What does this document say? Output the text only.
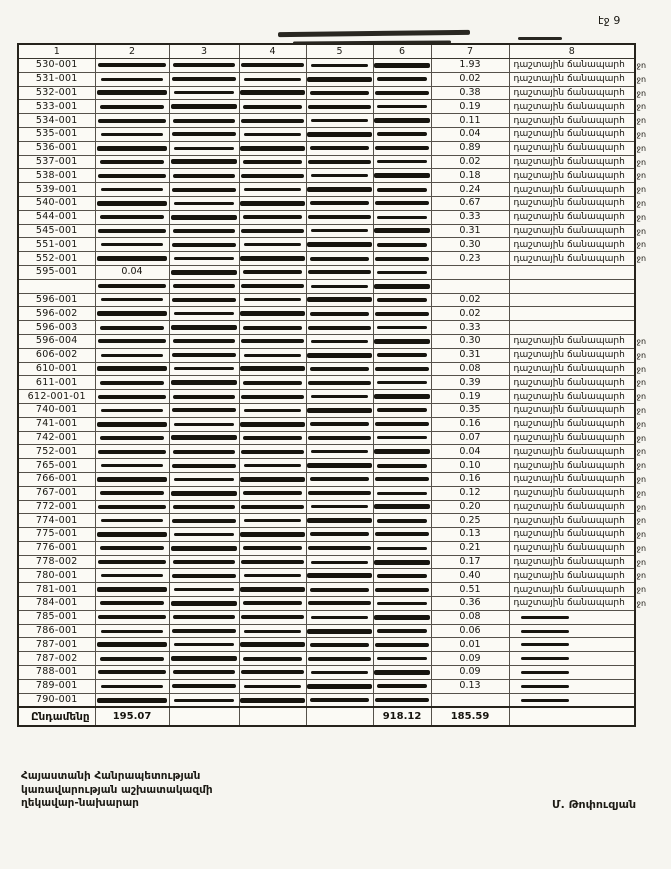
էջ 9
1	2	3	4	5	6	7	8
530-001						1.93	դաշտային ճանապարհ ջո

531-001						0.02	դաշտային ճանապարհ ջո

532-001						0.38	դաշտային ճանապարհ ջո

533-001						0.19	դաշտային ճանապարհ ջո

534-001						0.11	դաշտային ճանապարհ ջո

535-001						0.04	դաշտային ճանապարհ ջո

536-001						0.89	դաշտային ճանապարհ ջո

537-001						0.02	դաշտային ճանապարհ ջո

538-001						0.18	դաշտային ճանապարհ ջո

539-001						0.24	դաշտային ճանապարհ ջո

540-001						0.67	դաշտային ճանապարհ ջո

544-001						0.33	դաշտային ճանապարհ ջո

545-001						0.31	դաշտային ճանապարհ ջո

551-001						0.30	դաշտային ճանապարհ ջո

552-001						0.23	դաշտային ճանապարհ ջո

595-001	0.04	

596-001						0.02	
596-002						0.02	
596-003						0.33	
596-004						0.30	դաշտային ճանապարհ ջո

606-002						0.31	դաշտային ճանապարհ ջո

610-001						0.08	դաշտային ճանապարհ ջո

611-001						0.39	դաշտային ճանապարհ ջո

612-001-01						0.19	դաշտային ճանապարհ ջո

740-001						0.35	դաշտային ճանապարհ ջո

741-001						0.16	դաշտային ճանապարհ ջո

742-001						0.07	դաշտային ճանապարհ ջո

752-001						0.04	դաշտային ճանապարհ ջո

765-001						0.10	դաշտային ճանապարհ ջո

766-001						0.16	դաշտային ճանապարհ ջո

767-001						0.12	դաշտային ճանապարհ ջո

772-001						0.20	դաշտային ճանապարհ ջո

774-001						0.25	դաշտային ճանապարհ ջո

775-001						0.13	դաշտային ճանապարհ ջո

776-001						0.21	դաշտային ճանապարհ ջո

778-002						0.17	դաշտային ճանապարհ ջո

780-001						0.40	դաշտային ճանապարհ ջո

781-001						0.51	դաշտային ճանապարհ ջո

784-001						0.36	դաշտային ճանապարհ ջո

785-001						0.08	

786-001						0.06	

787-001						0.01	

787-002						0.09	

788-001						0.09	

789-001						0.13	

790-001	

Ընդամենը	195.07				918.12	185.59	
Հայաստանի Հանրապետության
կառավարության աշխատակազմի
ղեկավար-նախարար	Մ. Թոփուզյան
